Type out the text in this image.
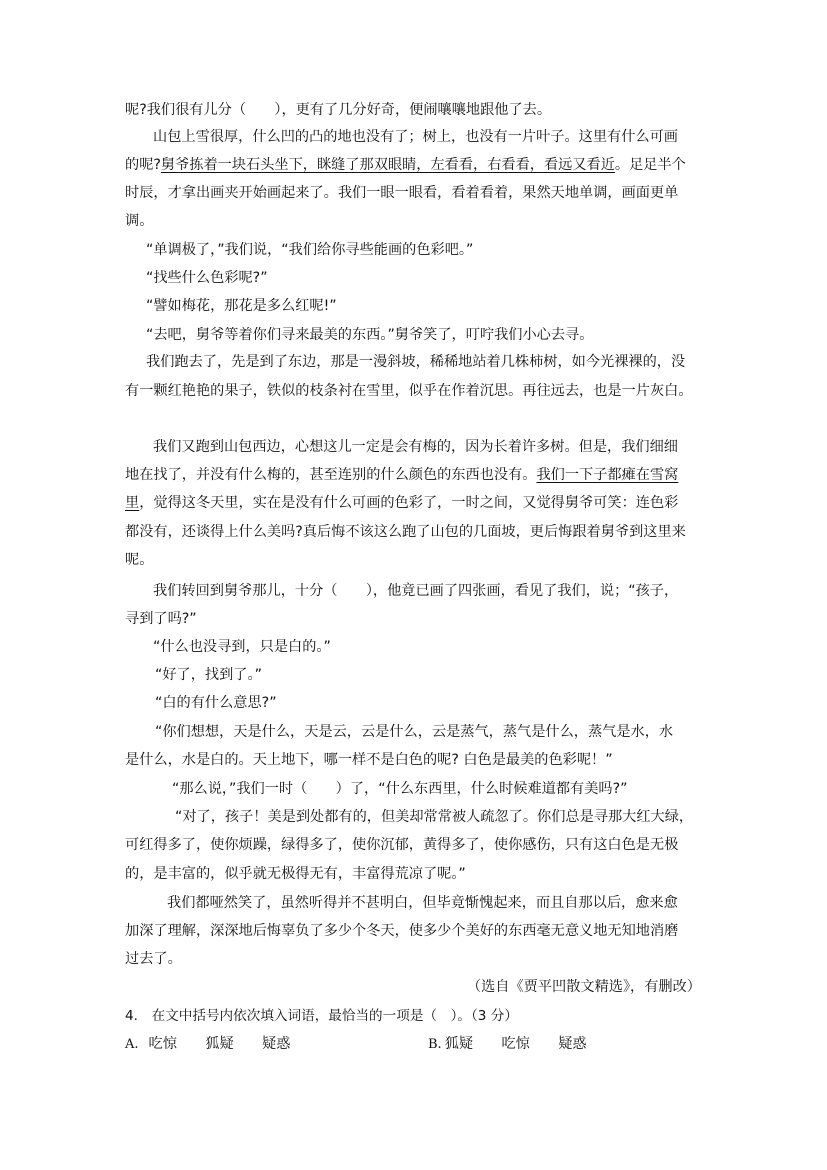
呢?我们很有儿分（　　），更有了几分好奇，便闹嚷嚷地跟他了去。
山包上雪很厚，什么凹的凸的地也没有了；树上，也没有一片叶子。这里有什么可画
的呢?舅爷拣着一块石头坐下，眯缝了那双眼睛，左看看，右看看，看远又看近。足足半个
时辰，才拿出画夹开始画起来了。我们一眼一眼看，看着看着，果然天地单调，画面更单
调。
“单调极了，”我们说，“我们给你寻些能画的色彩吧。”
“找些什么色彩呢?”
“譬如梅花，那花是多么红呢!”
“去吧，舅爷等着你们寻来最美的东西。”舅爷笑了，叮咛我们小心去寻。
我们跑去了，先是到了东边，那是一漫斜坡，稀稀地站着几株柿树，如今光裸裸的，没
有一颗红艳艳的果子，铁似的枝条衬在雪里，似乎在作着沉思。再往远去，也是一片灰白。
我们又跑到山包西边，心想这儿一定是会有梅的，因为长着许多树。但是，我们细细
地在找了，并没有什么梅的，甚至连别的什么颜色的东西也没有。我们一下子都瘫在雪窝
里，觉得这冬天里，实在是没有什么可画的色彩了，一时之间，又觉得舅爷可笑：连色彩
都没有，还谈得上什么美吗?真后悔不该这么跑了山包的几面坡，更后悔跟着舅爷到这里来
呢。
我们转回到舅爷那儿，十分（　　），他竟已画了四张画，看见了我们，说；“孩子，
寻到了吗?”
“什么也没寻到，只是白的。”
“好了，找到了。”
“白的有什么意思?”
“你们想想，天是什么，天是云，云是什么，云是蒸气，蒸气是什么，蒸气是水，水
是什么，水是白的。天上地下，哪一样不是白色的呢? 白色是最美的色彩呢！”
“那么说，”我们一时（　　）了，“什么东西里，什么时候难道都有美吗?”
“对了，孩子！美是到处都有的，但美却常常被人疏忽了。你们总是寻那大红大绿，
可红得多了，使你烦躁，绿得多了，使你沉郁，黄得多了，使你感伤，只有这白色是无极
的，是丰富的，似乎就无极得无有，丰富得荒凉了呢。”
我们都哑然笑了，虽然听得并不甚明白，但毕竟惭愧起来，而且自那以后，愈来愈
加深了理解，深深地后悔辜负了多少个冬天，使多少个美好的东西毫无意义地无知地消磨
过去了。
（选自《贾平凹散文精选》，有删改）
4.　在文中括号内依次填入词语，最恰当的一项是（　）。（3 分）
A. 吃惊　　狐疑　　疑惑	B. 狐疑　　吃惊　　疑惑
